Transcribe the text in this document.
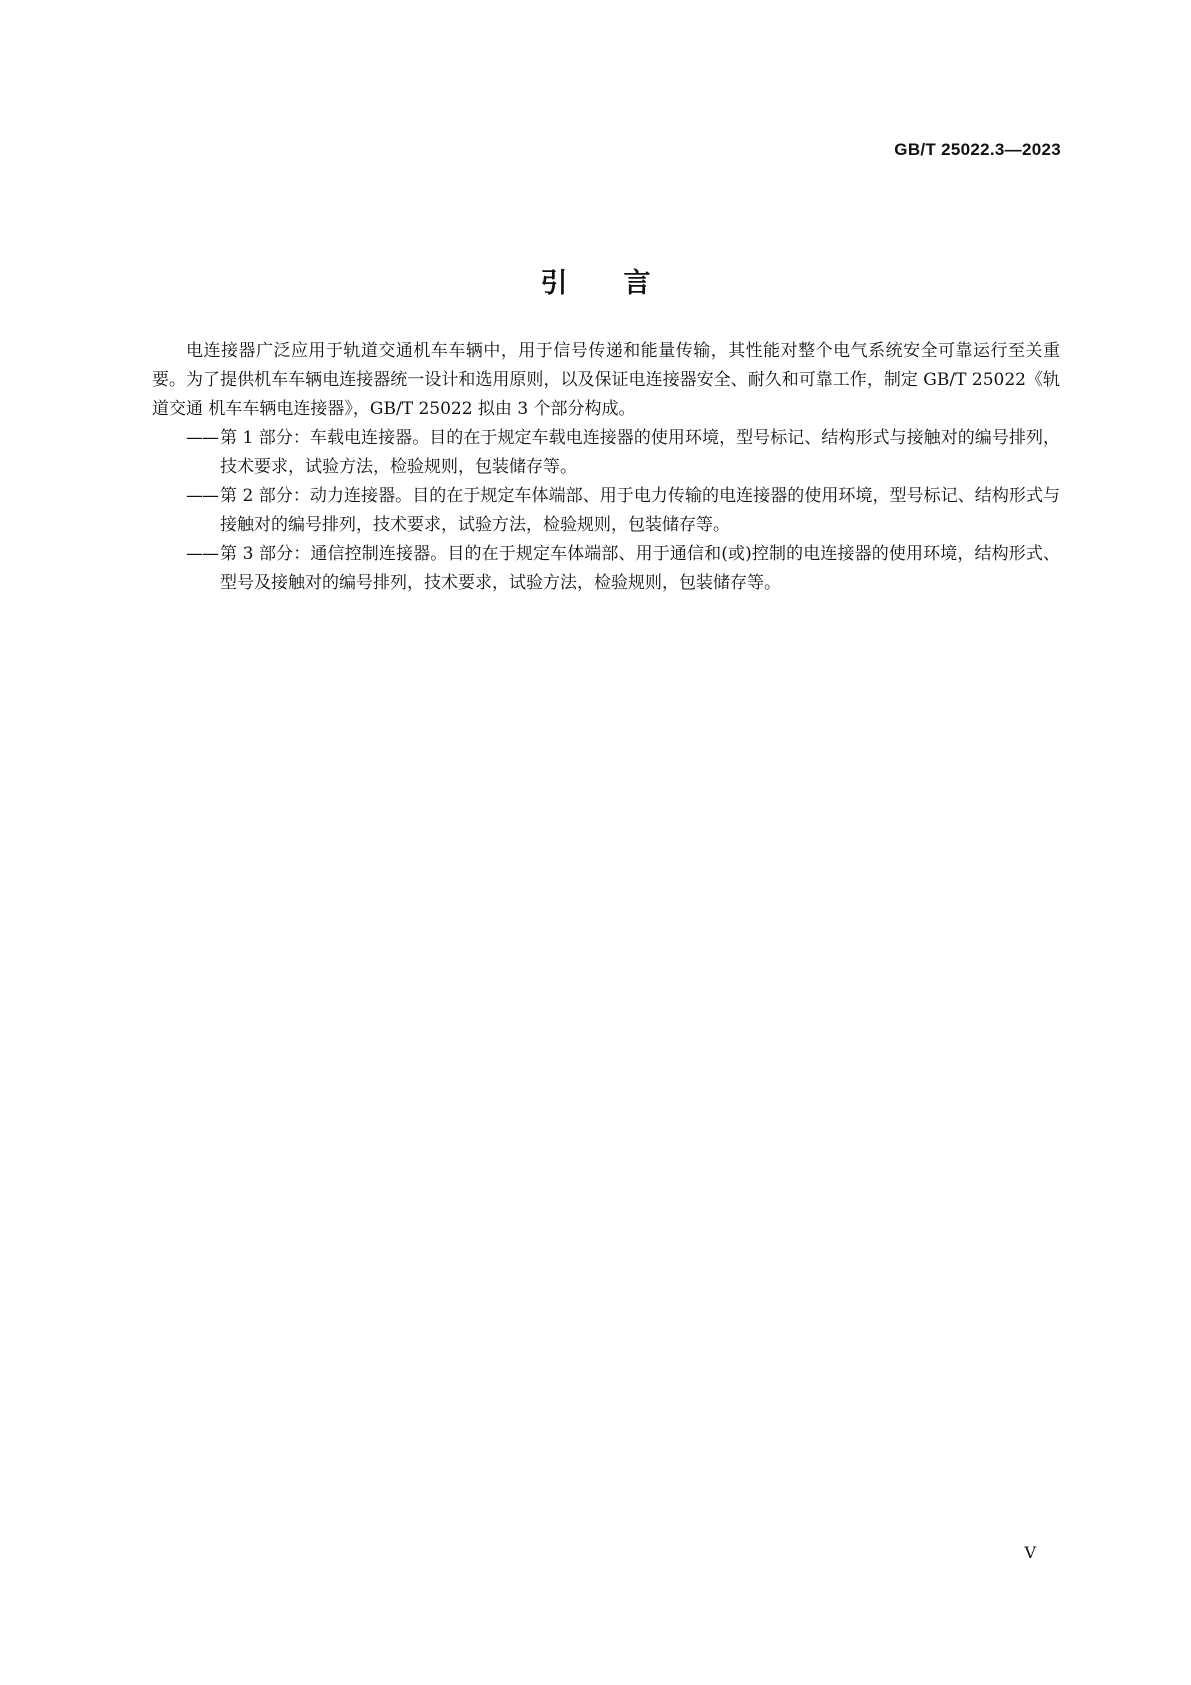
GB/T 25022.3—2023
引言

电连接器广泛应用于轨道交通机车车辆中，用于信号传递和能量传输，其性能对整个电气系统安全可靠运行至关重要。为了提供机车车辆电连接器统一设计和选用原则，以及保证电连接器安全、耐久和可靠工作，制定 GB/T 25022《轨道交通 机车车辆电连接器》，GB/T 25022 拟由 3 个部分构成。

—— 第 1 部分：车载电连接器。目的在于规定车载电连接器的使用环境，型号标记、结构形式与接触对的编号排列，技术要求，试验方法，检验规则，包装储存等。
—— 第 2 部分：动力连接器。目的在于规定车体端部、用于电力传输的电连接器的使用环境，型号标记、结构形式与接触对的编号排列，技术要求，试验方法，检验规则，包装储存等。
—— 第 3 部分：通信控制连接器。目的在于规定车体端部、用于通信和(或)控制的电连接器的使用环境，结构形式、型号及接触对的编号排列，技术要求，试验方法，检验规则，包装储存等。
V
